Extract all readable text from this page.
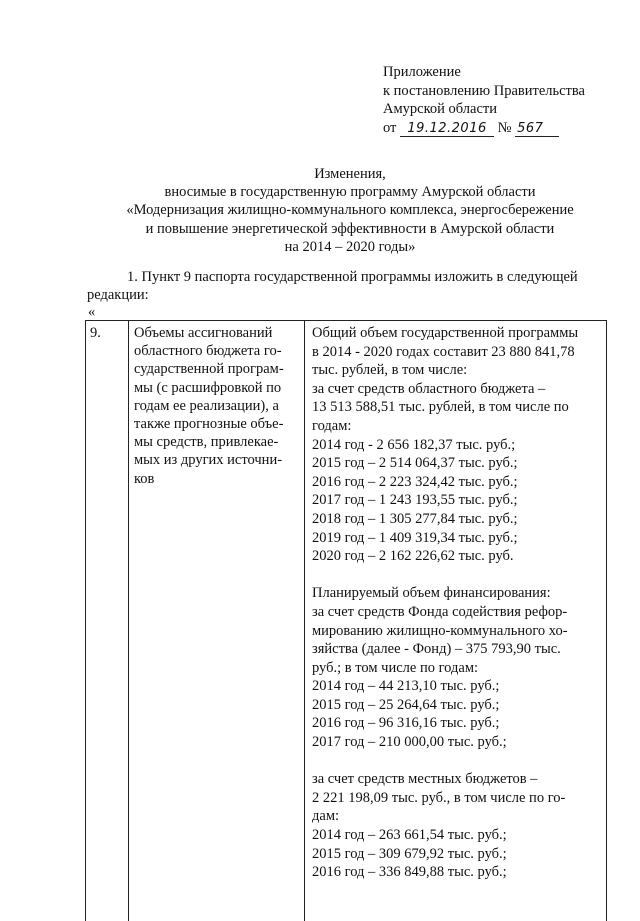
Приложение
к постановлению Правительства
Амурской области
от 19.12.2016 № 567
Изменения,
вносимые в государственную программу Амурской области
«Модернизация жилищно-коммунального комплекса, энергосбережение
и повышение энергетической эффективности в Амурской области
на 2014 – 2020 годы»
1. Пункт 9 паспорта государственной программы изложить в следующей
редакции:
«
9. Объемы ассигнований
областного бюджета го-
сударственной програм-
мы (с расшифровкой по
годам ее реализации), а
также прогнозные объе-
мы средств, привлекае-
мых из других источни-
ков
Общий объем государственной программы
в 2014 - 2020 годах составит 23 880 841,78
тыс. рублей, в том числе:
за счет средств областного бюджета –
13 513 588,51 тыс. рублей, в том числе по
годам:
2014 год - 2 656 182,37 тыс. руб.;
2015 год – 2 514 064,37 тыс. руб.;
2016 год – 2 223 324,42 тыс. руб.;
2017 год – 1 243 193,55 тыс. руб.;
2018 год – 1 305 277,84 тыс. руб.;
2019 год – 1 409 319,34 тыс. руб.;
2020 год – 2 162 226,62 тыс. руб.
Планируемый объем финансирования:
за счет средств Фонда содействия рефор-
мированию жилищно-коммунального хо-
зяйства (далее - Фонд) – 375 793,90 тыс.
руб.; в том числе по годам:
2014 год – 44 213,10 тыс. руб.;
2015 год – 25 264,64 тыс. руб.;
2016 год – 96 316,16 тыс. руб.;
2017 год – 210 000,00 тыс. руб.;
за счет средств местных бюджетов –
2 221 198,09 тыс. руб., в том числе по го-
дам:
2014 год – 263 661,54 тыс. руб.;
2015 год – 309 679,92 тыс. руб.;
2016 год – 336 849,88 тыс. руб.;
